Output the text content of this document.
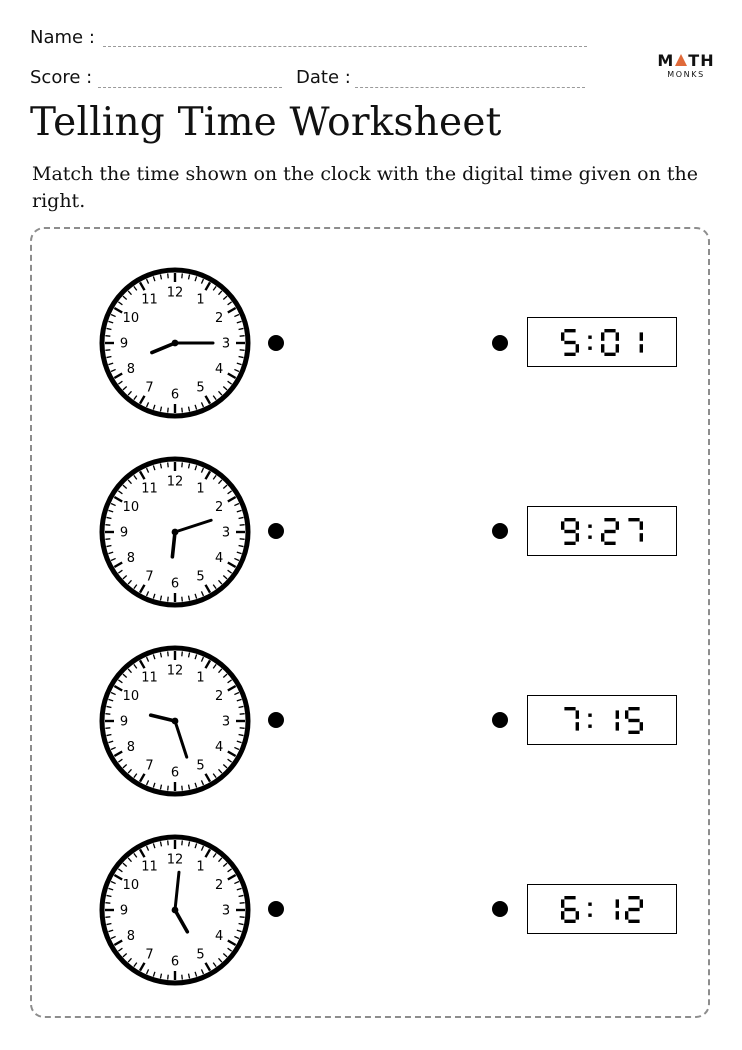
Name :
Score :	Date :
M TH
MONKS
Telling Time Worksheet

Match the time shown on the clock with the digital time given on the right.

12 1
2
3
4
5
6
7
8
9
10
11
12 1
2
3
4
5
6
7
8
9
10
11
12 1
2
3
4
5
6
7
8
9
10
11
12 1
2
3
4
5
6
7
8
9
10
11
